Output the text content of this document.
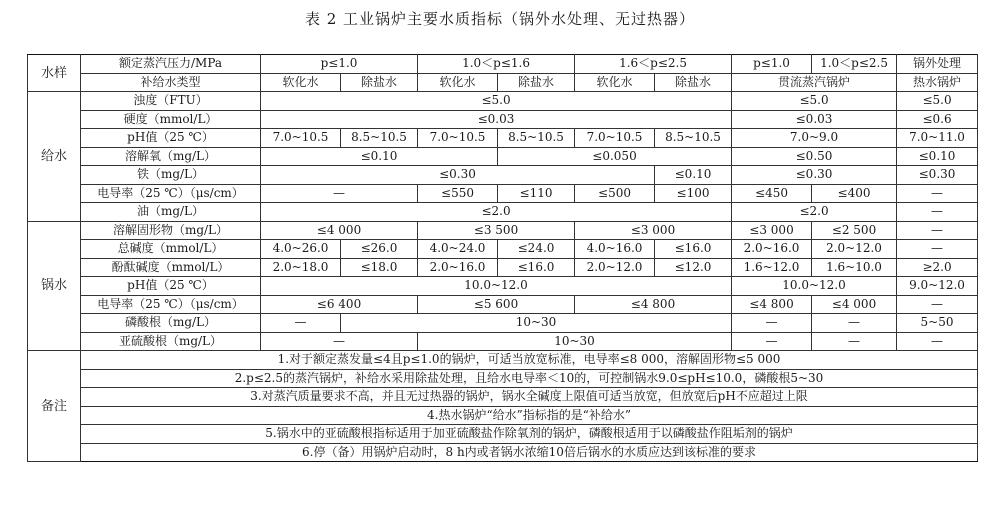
表 2 工业锅炉主要水质指标（锅外水处理、无过热器）
水样	额定蒸汽压力/MPa	p≤1.0		1.0＜p≤1.6		1.6＜p≤2.5		p≤1.0	1.0＜p≤2.5	锅外处理
	补给水类型	软化水	除盐水	软化水	除盐水	软化水	除盐水	贯流蒸汽锅炉		热水锅炉
给水	浊度（FTU）	≤5.0						≤5.0		≤5.0
	硬度（mmol/L）	≤0.03						≤0.03		≤0.6
	pH值（25 ℃）	7.0~10.5	8.5~10.5	7.0~10.5	8.5~10.5	7.0~10.5	8.5~10.5	7.0~9.0		7.0~11.0
	溶解氧（mg/L）	≤0.10			≤0.050			≤0.50		≤0.10
	铁（mg/L）	≤0.30					≤0.10	≤0.30		≤0.30
	电导率（25 ℃）（μs/cm）	—		≤550	≤110	≤500	≤100	≤450	≤400	—
	油（mg/L）	≤2.0						≤2.0		—
锅水	溶解固形物（mg/L）	≤4 000		≤3 500		≤3 000		≤3 000	≤2 500	—
	总碱度（mmol/L）	4.0~26.0	≤26.0	4.0~24.0	≤24.0	4.0~16.0	≤16.0	2.0~16.0	2.0~12.0	—
	酚酞碱度（mmol/L）	2.0~18.0	≤18.0	2.0~16.0	≤16.0	2.0~12.0	≤12.0	1.6~12.0	1.6~10.0	≥2.0
	pH值（25 ℃）	10.0~12.0						10.0~12.0		9.0~12.0
	电导率（25 ℃）（μs/cm）	≤6 400		≤5 600		≤4 800		≤4 800	≤4 000	—
	磷酸根（mg/L）	—	10~30					—	—	5~50
	亚硫酸根（mg/L）	—		10~30				—	—	—
备注	1.对于额定蒸发量≤4且p≤1.0的锅炉，可适当放宽标准，电导率≤8 000，溶解固形物≤5 000									
	2.p≤2.5的蒸汽锅炉，补给水采用除盐处理，且给水电导率＜10的，可控制锅水9.0≤pH≤10.0，磷酸根5~30									
	3.对蒸汽质量要求不高，并且无过热器的锅炉，锅水全碱度上限值可适当放宽，但放宽后pH不应超过上限									
	4.热水锅炉“给水”指标指的是“补给水”									
	5.锅水中的亚硫酸根指标适用于加亚硫酸盐作除氧剂的锅炉，磷酸根适用于以磷酸盐作阻垢剂的锅炉									
	6.停（备）用锅炉启动时，8 h内或者锅水浓缩10倍后锅水的水质应达到该标准的要求									
